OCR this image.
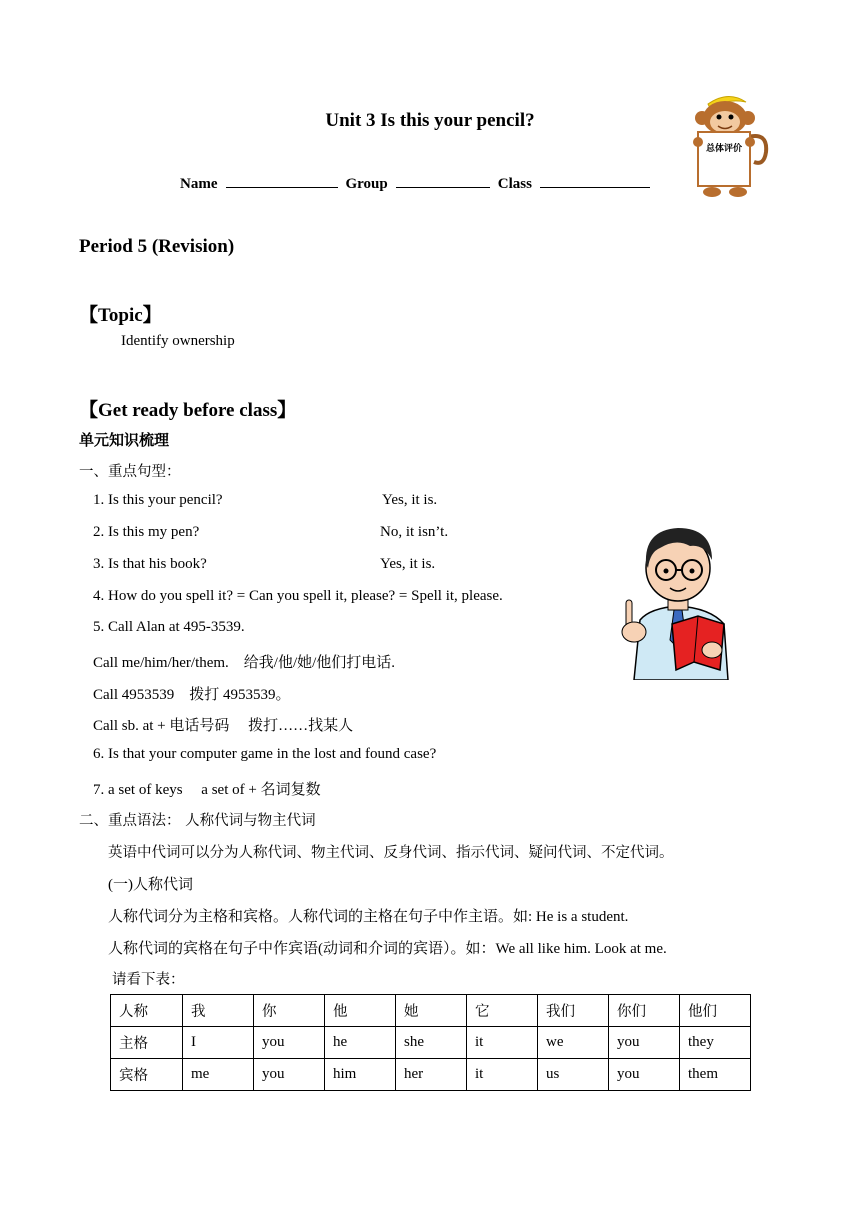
Unit 3 Is this your pencil?
Name	Group	Class
总体评价
Period 5 (Revision)
【Topic】
Identify ownership
【Get ready before class】
单元知识梳理
一、重点句型：
1. Is this your pencil?	Yes, it is.
2. Is this my pen?	No, it isn’t.
3. Is that his book?	Yes, it is.
4. How do you spell it? = Can you spell it, please? = Spell it, please.
5. Call Alan at 495-3539.
Call me/him/her/them.　给我/他/她/他们打电话.
Call 4953539　拨打 4953539。
Call sb. at + 电话号码　 拨打……找某人
6. Is that your computer game in the lost and found case?
7. a set of keys　 a set of + 名词复数
二、重点语法： 人称代词与物主代词
英语中代词可以分为人称代词、物主代词、反身代词、指示代词、疑问代词、不定代词。
(一)人称代词
人称代词分为主格和宾格。人称代词的主格在句子中作主语。如: He is a student.
人称代词的宾格在句子中作宾语(动词和介词的宾语）。如：We all like him. Look at me.
请看下表：
人称	我	你	他	她	它	我们	你们	他们
主格	I	you	he	she	it	we	you	they
宾格	me	you	him	her	it	us	you	them
